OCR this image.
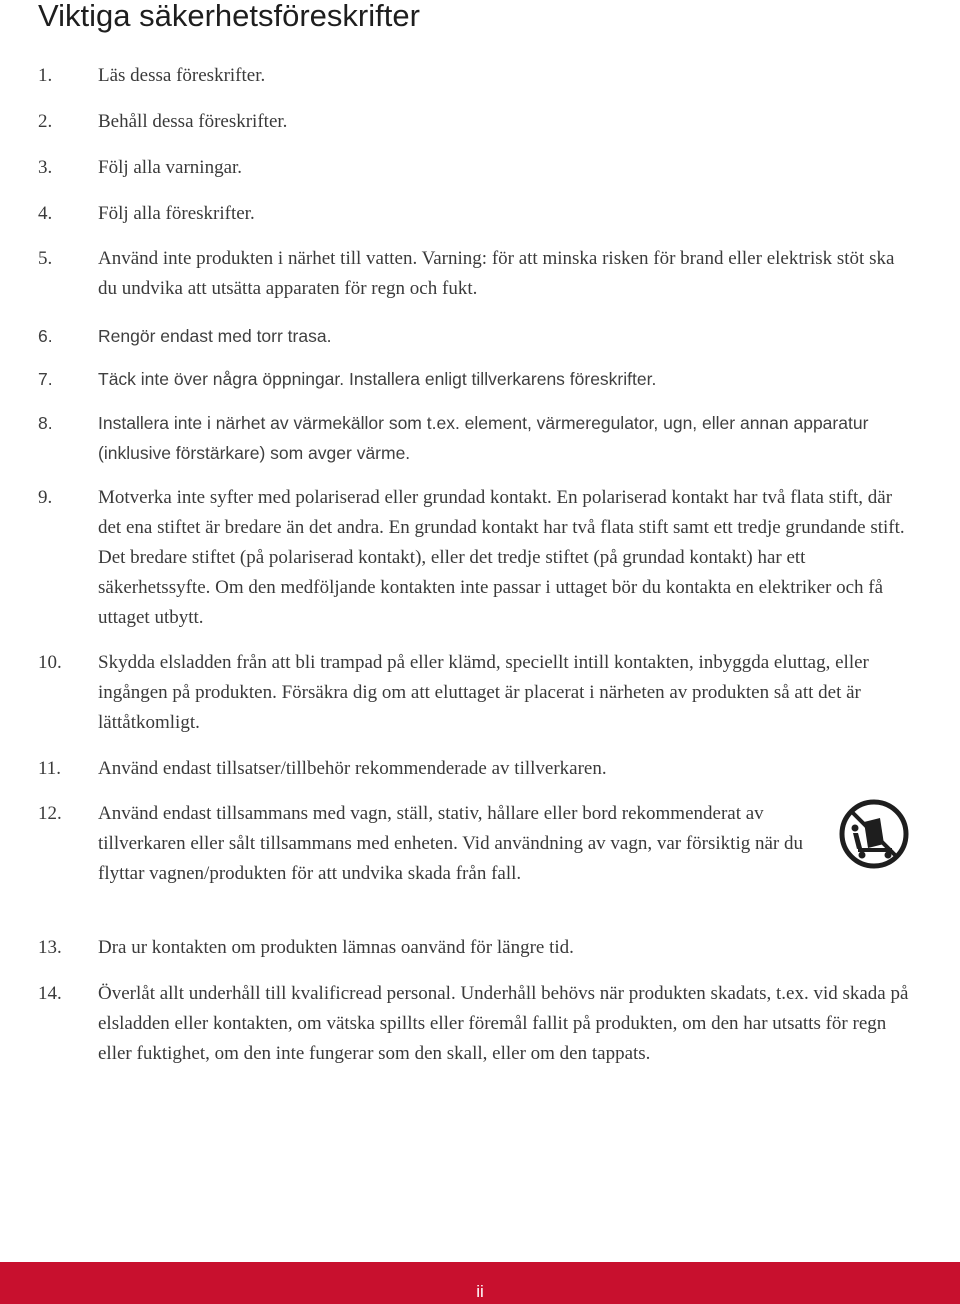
Viktiga säkerhetsföreskrifter
1. Läs dessa föreskrifter.
2. Behåll dessa föreskrifter.
3. Följ alla varningar.
4. Följ alla föreskrifter.
5. Använd inte produkten i närhet till vatten. Varning: för att minska risken för brand eller elektrisk stöt ska du undvika att utsätta apparaten för regn och fukt.
6.	Rengör endast med torr trasa.
7.	Täck inte över några öppningar. Installera enligt tillverkarens föreskrifter.
8.	Installera inte i närhet av värmekällor som t.ex. element, värmeregulator, ugn, eller annan apparatur (inklusive förstärkare) som avger värme.
9. Motverka inte syfter med polariserad eller grundad kontakt. En polariserad kontakt har två flata stift, där det ena stiftet är bredare än det andra. En grundad kontakt har två flata stift samt ett tredje grundande stift. Det bredare stiftet (på polariserad kontakt), eller det tredje stiftet (på grundad kontakt) har ett säkerhetssyfte. Om den medföljande kontakten inte passar i uttaget bör du kontakta en elektriker och få uttaget utbytt.
10. Skydda elsladden från att bli trampad på eller klämd, speciellt intill kontakten, inbyggda eluttag, eller ingången på produkten. Försäkra dig om att eluttaget är placerat i närheten av produkten så att det är lättåtkomligt.
11. Använd endast tillsatser/tillbehör rekommenderade av tillverkaren.
12. Använd endast tillsammans med vagn, ställ, stativ, hållare eller bord rekommenderat av tillverkaren eller sålt tillsammans med enheten. Vid användning av vagn, var försiktig när du flyttar vagnen/produkten för att undvika skada från fall.
13. Dra ur kontakten om produkten lämnas oanvänd för längre tid.
14. Överlåt allt underhåll till kvalificread personal. Underhåll behövs när produkten skadats, t.ex. vid skada på elsladden eller kontakten, om vätska spillts eller föremål fallit på produkten, om den har utsatts för regn eller fuktighet, om den inte fungerar som den skall, eller om den tappats.
ii
